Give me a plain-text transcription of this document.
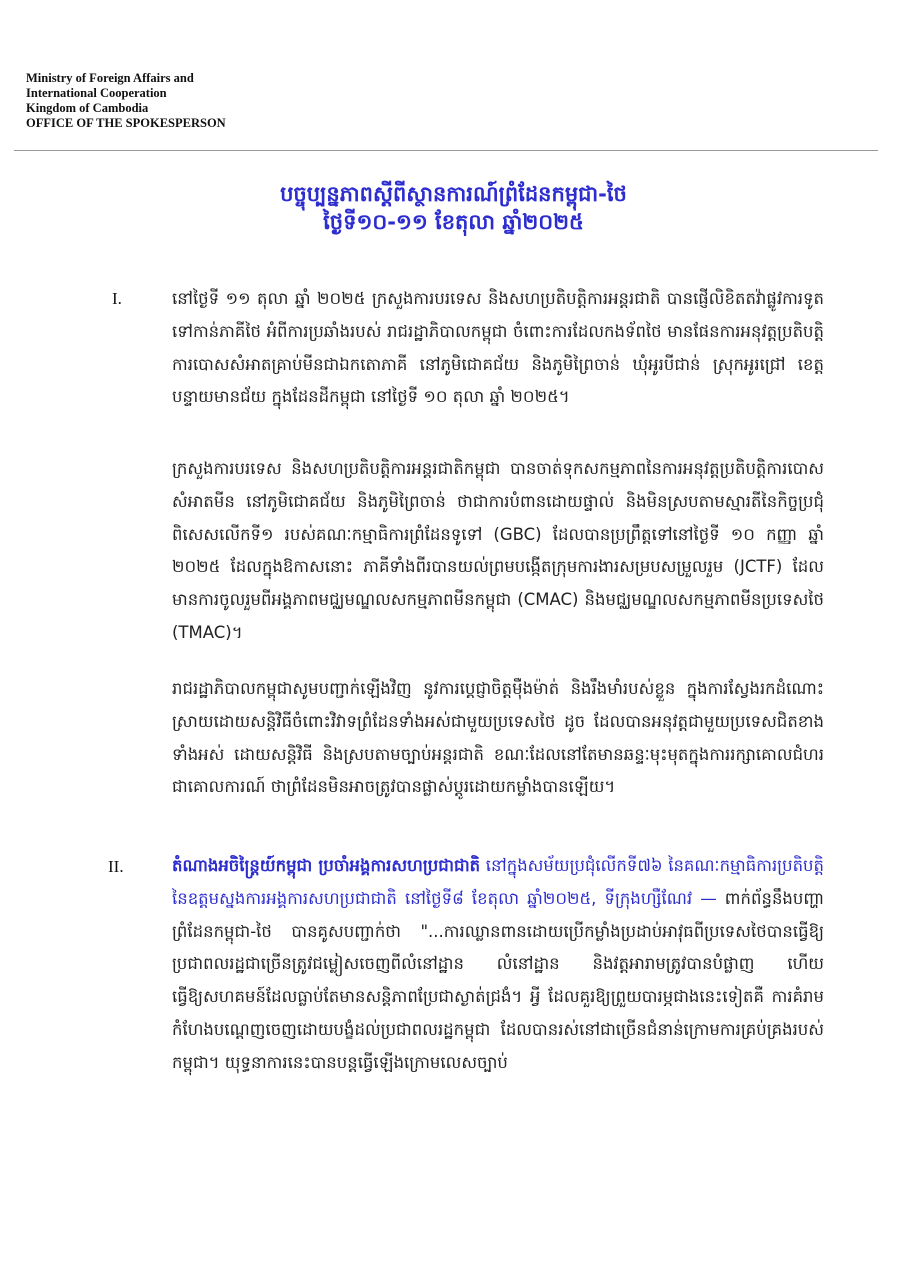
Ministry of Foreign Affairs and
International Cooperation
Kingdom of Cambodia
OFFICE OF THE SPOKESPERSON
បច្ចុប្បន្នភាពស្តីពីស្ថានការណ៍ព្រំដែនកម្ពុជា-ថៃ
ថ្ងៃទី១០-១១ ខែតុលា ឆ្នាំ២០២៥
I.	នៅថ្ងៃទី ១១ តុលា ឆ្នាំ ២០២៥ ក្រសួងការបរទេស និងសហប្រតិបត្តិការអន្តរជាតិ បានផ្ញើលិខិតតវ៉ាផ្លូវការទូតទៅកាន់ភាគីថៃ អំពីការប្រឆាំងរបស់ រាជរដ្ឋាភិបាលកម្ពុជា ចំពោះការដែលកងទ័ពថៃ មានផែនការអនុវត្តប្រតិបត្តិការបោសសំអាតគ្រាប់មីនជាឯកតោភាគី នៅភូមិជោគជ័យ និងភូមិព្រៃចាន់ ឃុំអូរបីជាន់ ស្រុកអូរជ្រៅ ខេត្តបន្ទាយមានជ័យ ក្នុងដែនដីកម្ពុជា នៅថ្ងៃទី ១០ តុលា ឆ្នាំ ២០២៥។
ក្រសួងការបរទេស និងសហប្រតិបត្តិការអន្តរជាតិកម្ពុជា បានចាត់ទុកសកម្មភាពនៃការអនុវត្តប្រតិបត្តិការបោសសំអាតមីន នៅភូមិជោគជ័យ និងភូមិព្រៃចាន់ ថាជាការបំពានដោយផ្ទាល់ និងមិនស្របតាមស្មារតីនៃកិច្ចប្រជុំពិសេសលើកទី១ របស់គណៈកម្មាធិការព្រំដែនទូទៅ (GBC) ដែលបានប្រព្រឹត្តទៅនៅថ្ងៃទី ១០ កញ្ញា ឆ្នាំ ២០២៥ ដែលក្នុងឱកាសនោះ ភាគីទាំងពីរបានយល់ព្រមបង្កើតក្រុមការងារសម្របសម្រួលរួម (JCTF) ដែលមានការចូលរួមពីអង្គភាពមជ្ឈមណ្ឌលសកម្មភាពមីនកម្ពុជា (CMAC) និងមជ្ឈមណ្ឌលសកម្មភាពមីនប្រទេសថៃ (TMAC)។
រាជរដ្ឋាភិបាលកម្ពុជាសូមបញ្ជាក់ឡើងវិញ នូវការប្តេជ្ញាចិត្តមុឺងម៉ាត់ និងរឹងមាំរបស់ខ្លួន ក្នុងការស្វែងរកដំណោះស្រាយដោយសន្តិវិធីចំពោះវិវាទព្រំដែនទាំងអស់ជាមួយប្រទេសថៃ ដូច ដែលបានអនុវត្តជាមួយប្រទេសជិតខាងទាំងអស់ ដោយសន្តិវិធី និងស្របតាមច្បាប់អន្តរជាតិ ខណៈដែលនៅតែមានឆន្ទៈមុះមុតក្នុងការរក្សាគោលជំហរជាគោលការណ៍ ថាព្រំដែនមិនអាចត្រូវបានផ្លាស់ប្តូរដោយកម្លាំងបានឡើយ។
II.	តំណាងអចិន្ត្រៃយ៍កម្ពុជា ប្រចាំអង្គការសហប្រជាជាតិ នៅក្នុងសម័យប្រជុំលើកទី៧៦ នៃគណៈកម្មាធិការប្រតិបត្តិនៃឧត្តមស្នងការអង្គការសហប្រជាជាតិ នៅថ្ងៃទី៨ ខែតុលា ឆ្នាំ២០២៥, ទីក្រុងហ្សឺណែវ — ពាក់ព័ន្ធនឹងបញ្ហាព្រំដែនកម្ពុជា-ថៃ បានគូសបញ្ជាក់ថា "...ការឈ្លានពានដោយប្រើកម្លាំងប្រដាប់អាវុធពីប្រទេសថៃបានធ្វើឱ្យប្រជាពលរដ្ឋជាច្រើនត្រូវជម្លៀសចេញពីលំនៅដ្ឋាន លំនៅដ្ឋាន និងវត្តអារាមត្រូវបានបំផ្លាញ ហើយធ្វើឱ្យសហគមន៍ដែលធ្លាប់តែមានសន្តិភាពប្រែជាស្ងាត់ជ្រងំ។ អ្វី ដែលគួរឱ្យព្រួយបារម្ភជាងនេះទៀតគឺ ការគំរាមកំហែងបណ្តេញចេញដោយបង្ខំដល់ប្រជាពលរដ្ឋកម្ពុជា ដែលបានរស់នៅជាច្រើនជំនាន់ក្រោមការគ្រប់គ្រងរបស់កម្ពុជា។ យុទ្ធនាការនេះបានបន្តធ្វើឡើងក្រោមលេសច្បាប់
